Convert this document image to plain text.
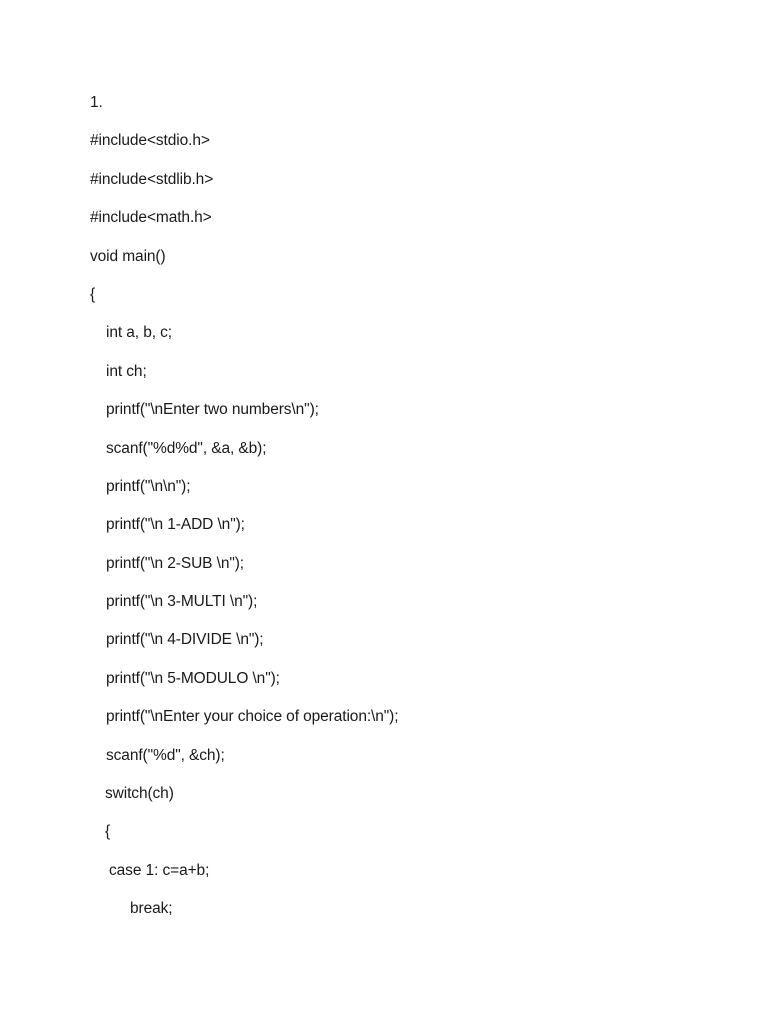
1.
#include<stdio.h>
#include<stdlib.h>
#include<math.h>
void main()
{
int a, b, c;
int ch;
printf("\nEnter two numbers\n");
scanf("%d%d", &a, &b);
printf("\n\n");
printf("\n 1-ADD \n");
printf("\n 2-SUB \n");
printf("\n 3-MULTI \n");
printf("\n 4-DIVIDE \n");
printf("\n 5-MODULO \n");
printf("\nEnter your choice of operation:\n");
scanf("%d", &ch);
switch(ch)
{
case 1: c=a+b;
break;
